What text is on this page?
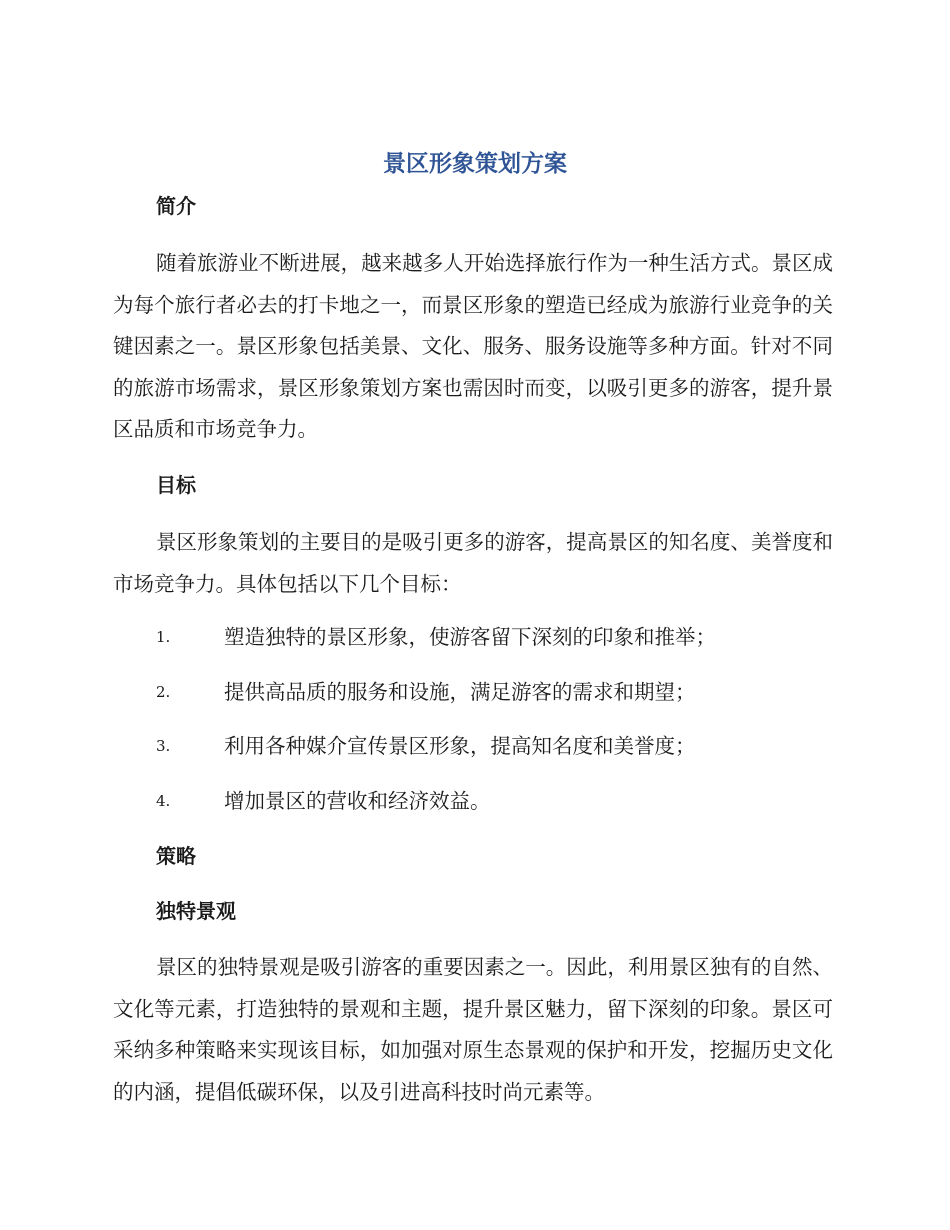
景区形象策划方案
简介

随着旅游业不断进展，越来越多人开始选择旅行作为一种生活方式。景区成为每个旅行者必去的打卡地之一，而景区形象的塑造已经成为旅游行业竞争的关键因素之一。景区形象包括美景、文化、服务、服务设施等多种方面。针对不同的旅游市场需求，景区形象策划方案也需因时而变，以吸引更多的游客，提升景区品质和市场竞争力。

目标

景区形象策划的主要目的是吸引更多的游客，提高景区的知名度、美誉度和市场竞争力。具体包括以下几个目标：

1.	塑造独特的景区形象，使游客留下深刻的印象和推举；
2.	提供高品质的服务和设施，满足游客的需求和期望；
3.	利用各种媒介宣传景区形象，提高知名度和美誉度；
4.	增加景区的营收和经济效益。
策略
独特景观

景区的独特景观是吸引游客的重要因素之一。因此，利用景区独有的自然、文化等元素，打造独特的景观和主题，提升景区魅力，留下深刻的印象。景区可采纳多种策略来实现该目标，如加强对原生态景观的保护和开发，挖掘历史文化的内涵，提倡低碳环保，以及引进高科技时尚元素等。
